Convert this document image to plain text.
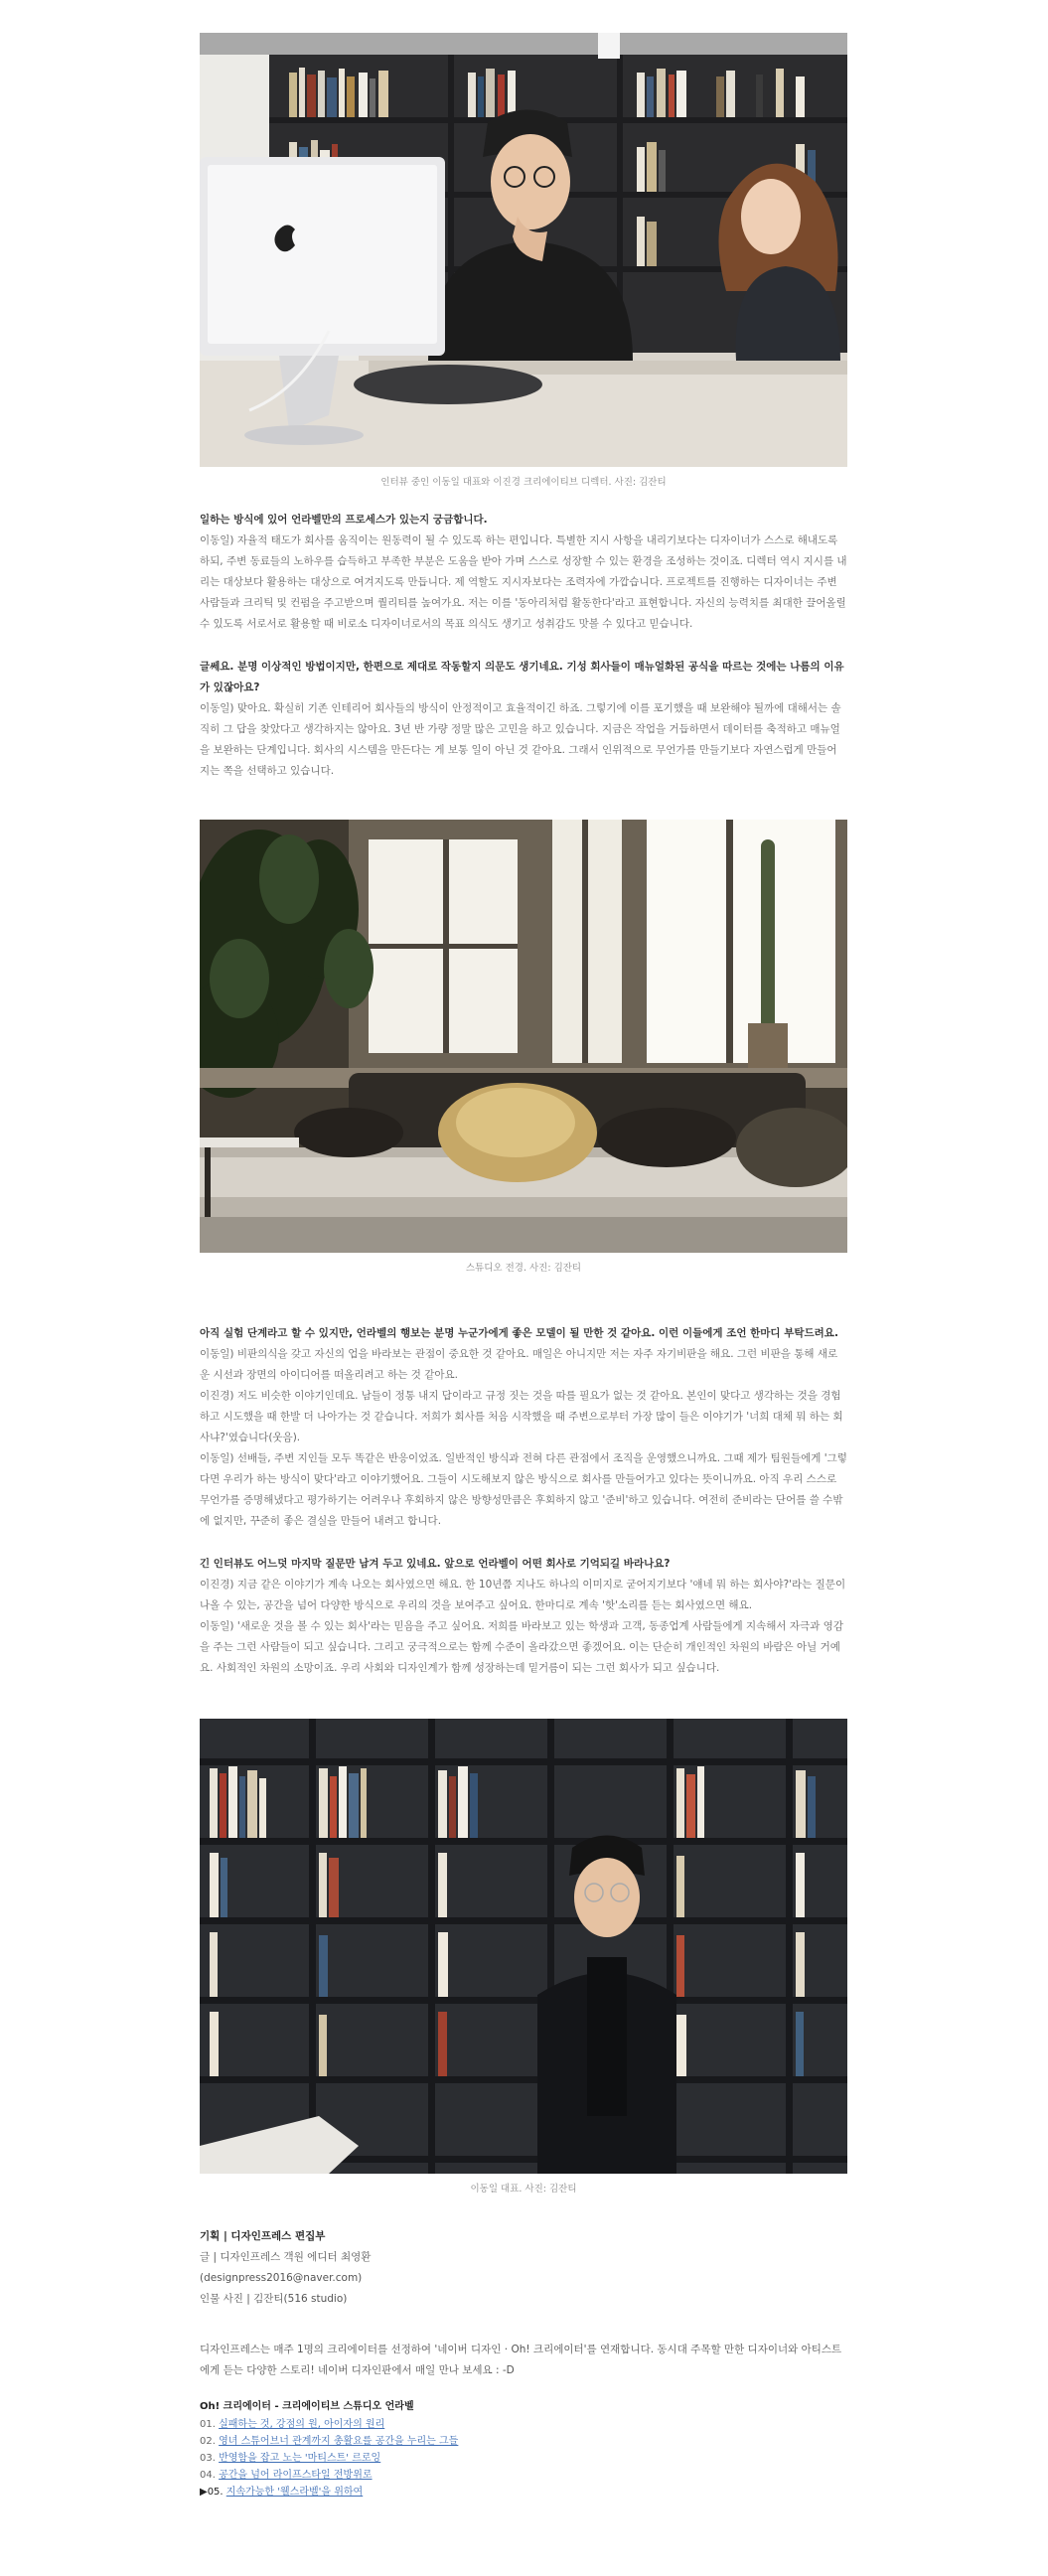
인터뷰 중인 이동일 대표와 이진경 크리에이티브 디렉터. 사진: 김잔티

일하는 방식에 있어 언라벨만의 프로세스가 있는지 궁금합니다.

이동일) 자율적 태도가 회사를 움직이는 원동력이 될 수 있도록 하는 편입니다. 특별한 지시 사항을 내리기보다는 디자이너가 스스로 해내도록 하되, 주변 동료들의 노하우를 습득하고 부족한 부분은 도움을 받아 가며 스스로 성장할 수 있는 환경을 조성하는 것이죠. 디렉터 역시 지시를 내리는 대상보다 활용하는 대상으로 여겨지도록 만듭니다. 제 역할도 지시자보다는 조력자에 가깝습니다. 프로젝트를 진행하는 디자이너는 주변 사람들과 크리틱 및 컨펌을 주고받으며 퀄리티를 높여가요. 저는 이를 '동아리처럼 활동한다'라고 표현합니다. 자신의 능력치를 최대한 끌어올릴 수 있도록 서로서로 활용할 때 비로소 디자이너로서의 목표 의식도 생기고 성취감도 맛볼 수 있다고 믿습니다.

글쎄요. 분명 이상적인 방법이지만, 한편으로 제대로 작동할지 의문도 생기네요. 기성 회사들이 매뉴얼화된 공식을 따르는 것에는 나름의 이유가 있잖아요?

이동일) 맞아요. 확실히 기존 인테리어 회사들의 방식이 안정적이고 효율적이긴 하죠. 그렇기에 이를 포기했을 때 보완해야 될까에 대해서는 솔직히 그 답을 찾았다고 생각하지는 않아요. 3년 반 가량 정말 많은 고민을 하고 있습니다. 지금은 작업을 거듭하면서 데이터를 축적하고 매뉴얼을 보완하는 단계입니다. 회사의 시스템을 만든다는 게 보통 일이 아닌 것 같아요. 그래서 인위적으로 무언가를 만들기보다 자연스럽게 만들어 지는 쪽을 선택하고 있습니다.

스튜디오 전경. 사진: 김잔티

아직 실험 단계라고 할 수 있지만, 언라벨의 행보는 분명 누군가에게 좋은 모델이 될 만한 것 같아요. 이런 이들에게 조언 한마디 부탁드려요.

이동일) 비판의식을 갖고 자신의 업을 바라보는 관점이 중요한 것 같아요. 매일은 아니지만 저는 자주 자기비판을 해요. 그런 비판을 통해 새로운 시선과 장면의 아이디어를 떠올리려고 하는 것 같아요.
이진경) 저도 비슷한 이야기인데요. 남들이 정통 내지 답이라고 규정 짓는 것을 따를 필요가 없는 것 같아요. 본인이 맞다고 생각하는 것을 경험하고 시도했을 때 한발 더 나아가는 것 같습니다. 저희가 회사를 처음 시작했을 때 주변으로부터 가장 많이 들은 이야기가 '너희 대체 뭐 하는 회사냐?'였습니다(웃음).
이동일) 선배들, 주변 지인들 모두 똑같은 반응이었죠. 일반적인 방식과 전혀 다른 관점에서 조직을 운영했으니까요. 그때 제가 팀원들에게 '그렇다면 우리가 하는 방식이 맞다'라고 이야기했어요. 그들이 시도해보지 않은 방식으로 회사를 만들어가고 있다는 뜻이니까요. 아직 우리 스스로 무언가를 증명해냈다고 평가하기는 어려우나 후회하지 않은 방향성만큼은 후회하지 않고 '준비'하고 있습니다. 여전히 준비라는 단어를 쓸 수밖에 없지만, 꾸준히 좋은 결실을 만들어 내려고 합니다.

긴 인터뷰도 어느덧 마지막 질문만 남겨 두고 있네요. 앞으로 언라벨이 어떤 회사로 기억되길 바라나요?

이진경) 지금 같은 이야기가 계속 나오는 회사였으면 해요. 한 10년쯤 지나도 하나의 이미지로 굳어지기보다 '얘네 뭐 하는 회사야?'라는 질문이 나올 수 있는, 공간을 넘어 다양한 방식으로 우리의 것을 보여주고 싶어요. 한마디로 계속 '핫'소리를 듣는 회사였으면 해요.
이동일) '새로운 것을 볼 수 있는 회사'라는 믿음을 주고 싶어요. 저희를 바라보고 있는 학생과 고객, 동종업계 사람들에게 지속해서 자극과 영감을 주는 그런 사람들이 되고 싶습니다. 그리고 궁극적으로는 함께 수준이 올라갔으면 좋겠어요. 이는 단순히 개인적인 차원의 바람은 아닐 거예요. 사회적인 차원의 소망이죠. 우리 사회와 디자인계가 함께 성장하는데 밑거름이 되는 그런 회사가 되고 싶습니다.

이동일 대표. 사진: 김잔티
기획 | 디자인프레스 편집부
글 | 디자인프레스 객원 에디터 최영환
(designpress2016@naver.com)
인물 사진 | 김잔티(516 studio)
디자인프레스는 매주 1명의 크리에이터를 선정하여 '네이버 디자인 · Oh! 크리에이터'를 연재합니다. 동시대 주목할 만한 디자이너와 아티스트에게 듣는 다양한 스토리! 네이버 디자인판에서 매일 만나 보세요 : -D
Oh! 크리에이터 - 크리에이티브 스튜디오 언라벨
01. 실패하는 것, 강점의 원, 아이자의 원리
02. 영녀 스튜어브너 관계까지 총활요를 공간을 누리는 그들
03. 반영함을 잡고 노는 '마티스트' 르로잉
04. 공간을 넘어 라이프스타일 전방위로
▶05. 지속가능한 '웰스라벨'을 위하여
